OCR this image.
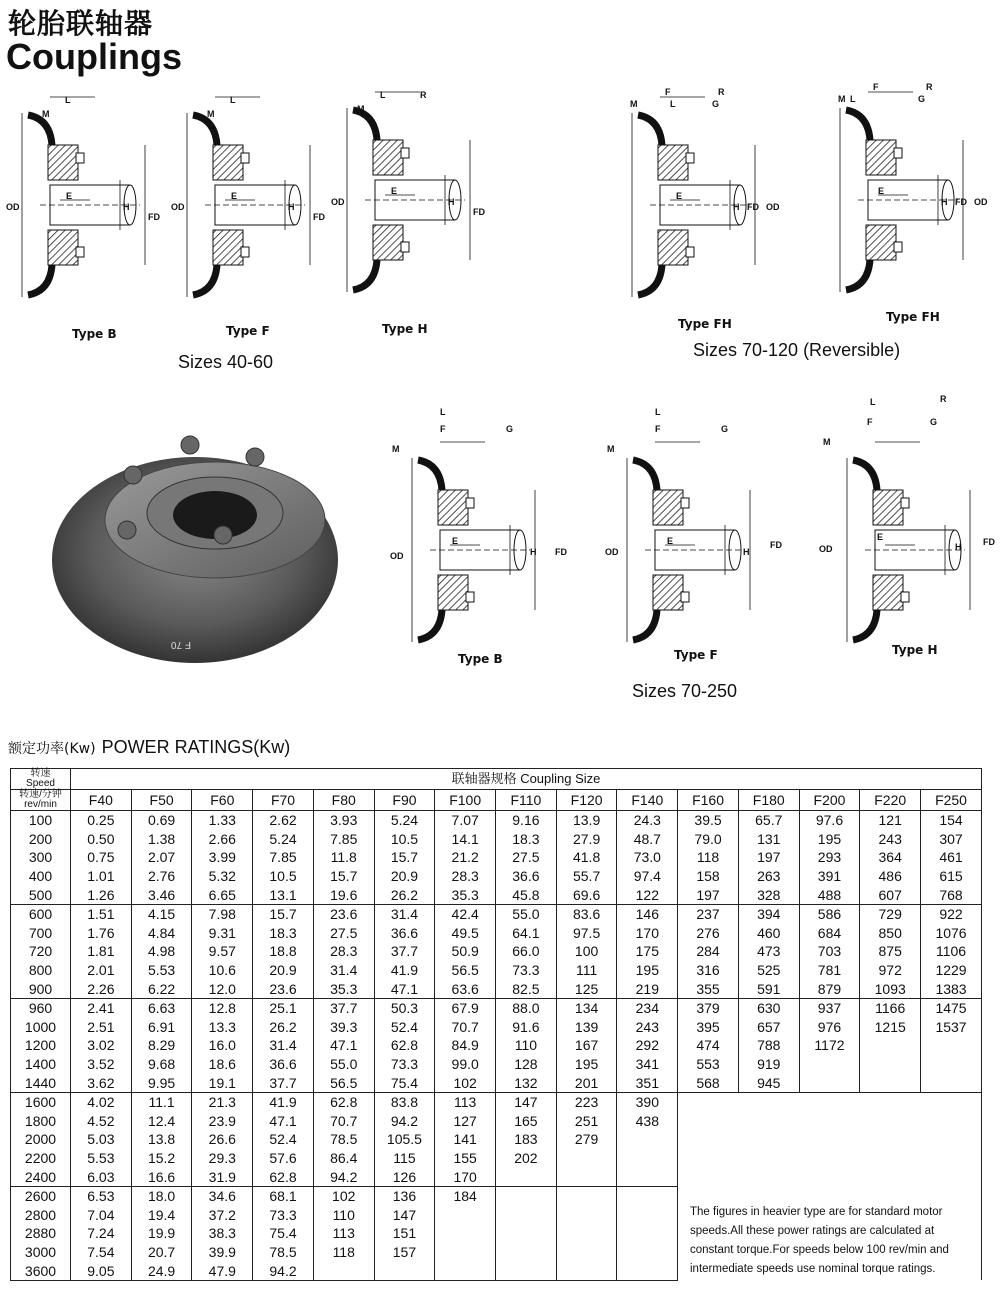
轮胎联轴器
Couplings
M
L
E
H
FD
OD
Type B
M
L
E
H
FD
OD
Type F
M
L	R
E
H
FD
OD
Type H
Sizes 40-60
M
F
L
R
G
E
H FD OD
Type FH
M
F
L
R
G
E
H FD OD
Type FH
Sizes 70-120 (Reversible)
F 70
M
L
F	G
E
H FD
OD
Type B
M
L
F	G
E
H
FD
OD
Type F
M
L	R
F	G
E
H FD
OD
Type H
Sizes 70-250
额定功率(Kw) POWER RATINGS(Kw)
转速
Speed	联轴器规格 Coupling Size														

转速/分钟
rev/min	F40	F50	F60	F70	F80	F90	F100	F110	F120	F140	F160	F180	F200	F220	F250
100	0.25	0.69	1.33	2.62	3.93	5.24	7.07	9.16	13.9	24.3	39.5	65.7	97.6	121	154
200	0.50	1.38	2.66	5.24	7.85	10.5	14.1	18.3	27.9	48.7	79.0	131	195	243	307
300	0.75	2.07	3.99	7.85	11.8	15.7	21.2	27.5	41.8	73.0	118	197	293	364	461
400	1.01	2.76	5.32	10.5	15.7	20.9	28.3	36.6	55.7	97.4	158	263	391	486	615
500	1.26	3.46	6.65	13.1	19.6	26.2	35.3	45.8	69.6	122	197	328	488	607	768
600	1.51	4.15	7.98	15.7	23.6	31.4	42.4	55.0	83.6	146	237	394	586	729	922
700	1.76	4.84	9.31	18.3	27.5	36.6	49.5	64.1	97.5	170	276	460	684	850	1076
720	1.81	4.98	9.57	18.8	28.3	37.7	50.9	66.0	100	175	284	473	703	875	1106
800	2.01	5.53	10.6	20.9	31.4	41.9	56.5	73.3	111	195	316	525	781	972	1229
900	2.26	6.22	12.0	23.6	35.3	47.1	63.6	82.5	125	219	355	591	879	1093	1383
960	2.41	6.63	12.8	25.1	37.7	50.3	67.9	88.0	134	234	379	630	937	1166	1475
1000	2.51	6.91	13.3	26.2	39.3	52.4	70.7	91.6	139	243	395	657	976	1215	1537
1200	3.02	8.29	16.0	31.4	47.1	62.8	84.9	110	167	292	474	788	1172		
1400	3.52	9.68	18.6	36.6	55.0	73.3	99.0	128	195	341	553	919			
1440	3.62	9.95	19.1	37.7	56.5	75.4	102	132	201	351	568	945			
1600	4.02	11.1	21.3	41.9	62.8	83.8	113	147	223	390					
1800	4.52	12.4	23.9	47.1	70.7	94.2	127	165	251	438					
2000	5.03	13.8	26.6	52.4	78.5	105.5	141	183	279						
2200	5.53	15.2	29.3	57.6	86.4	115	155	202							
2400	6.03	16.6	31.9	62.8	94.2	126	170								
2600	6.53	18.0	34.6	68.1	102	136	184								
2800	7.04	19.4	37.2	73.3	110	147									
2880	7.24	19.9	38.3	75.4	113	151									
3000	7.54	20.7	39.9	78.5	118	157									
3600	9.05	24.9	47.9	94.2											
The figures in heavier type are for standard motor speeds.All these power ratings are calculated at constant torque.For speeds below 100 rev/min and intermediate speeds use nominal torque ratings.
